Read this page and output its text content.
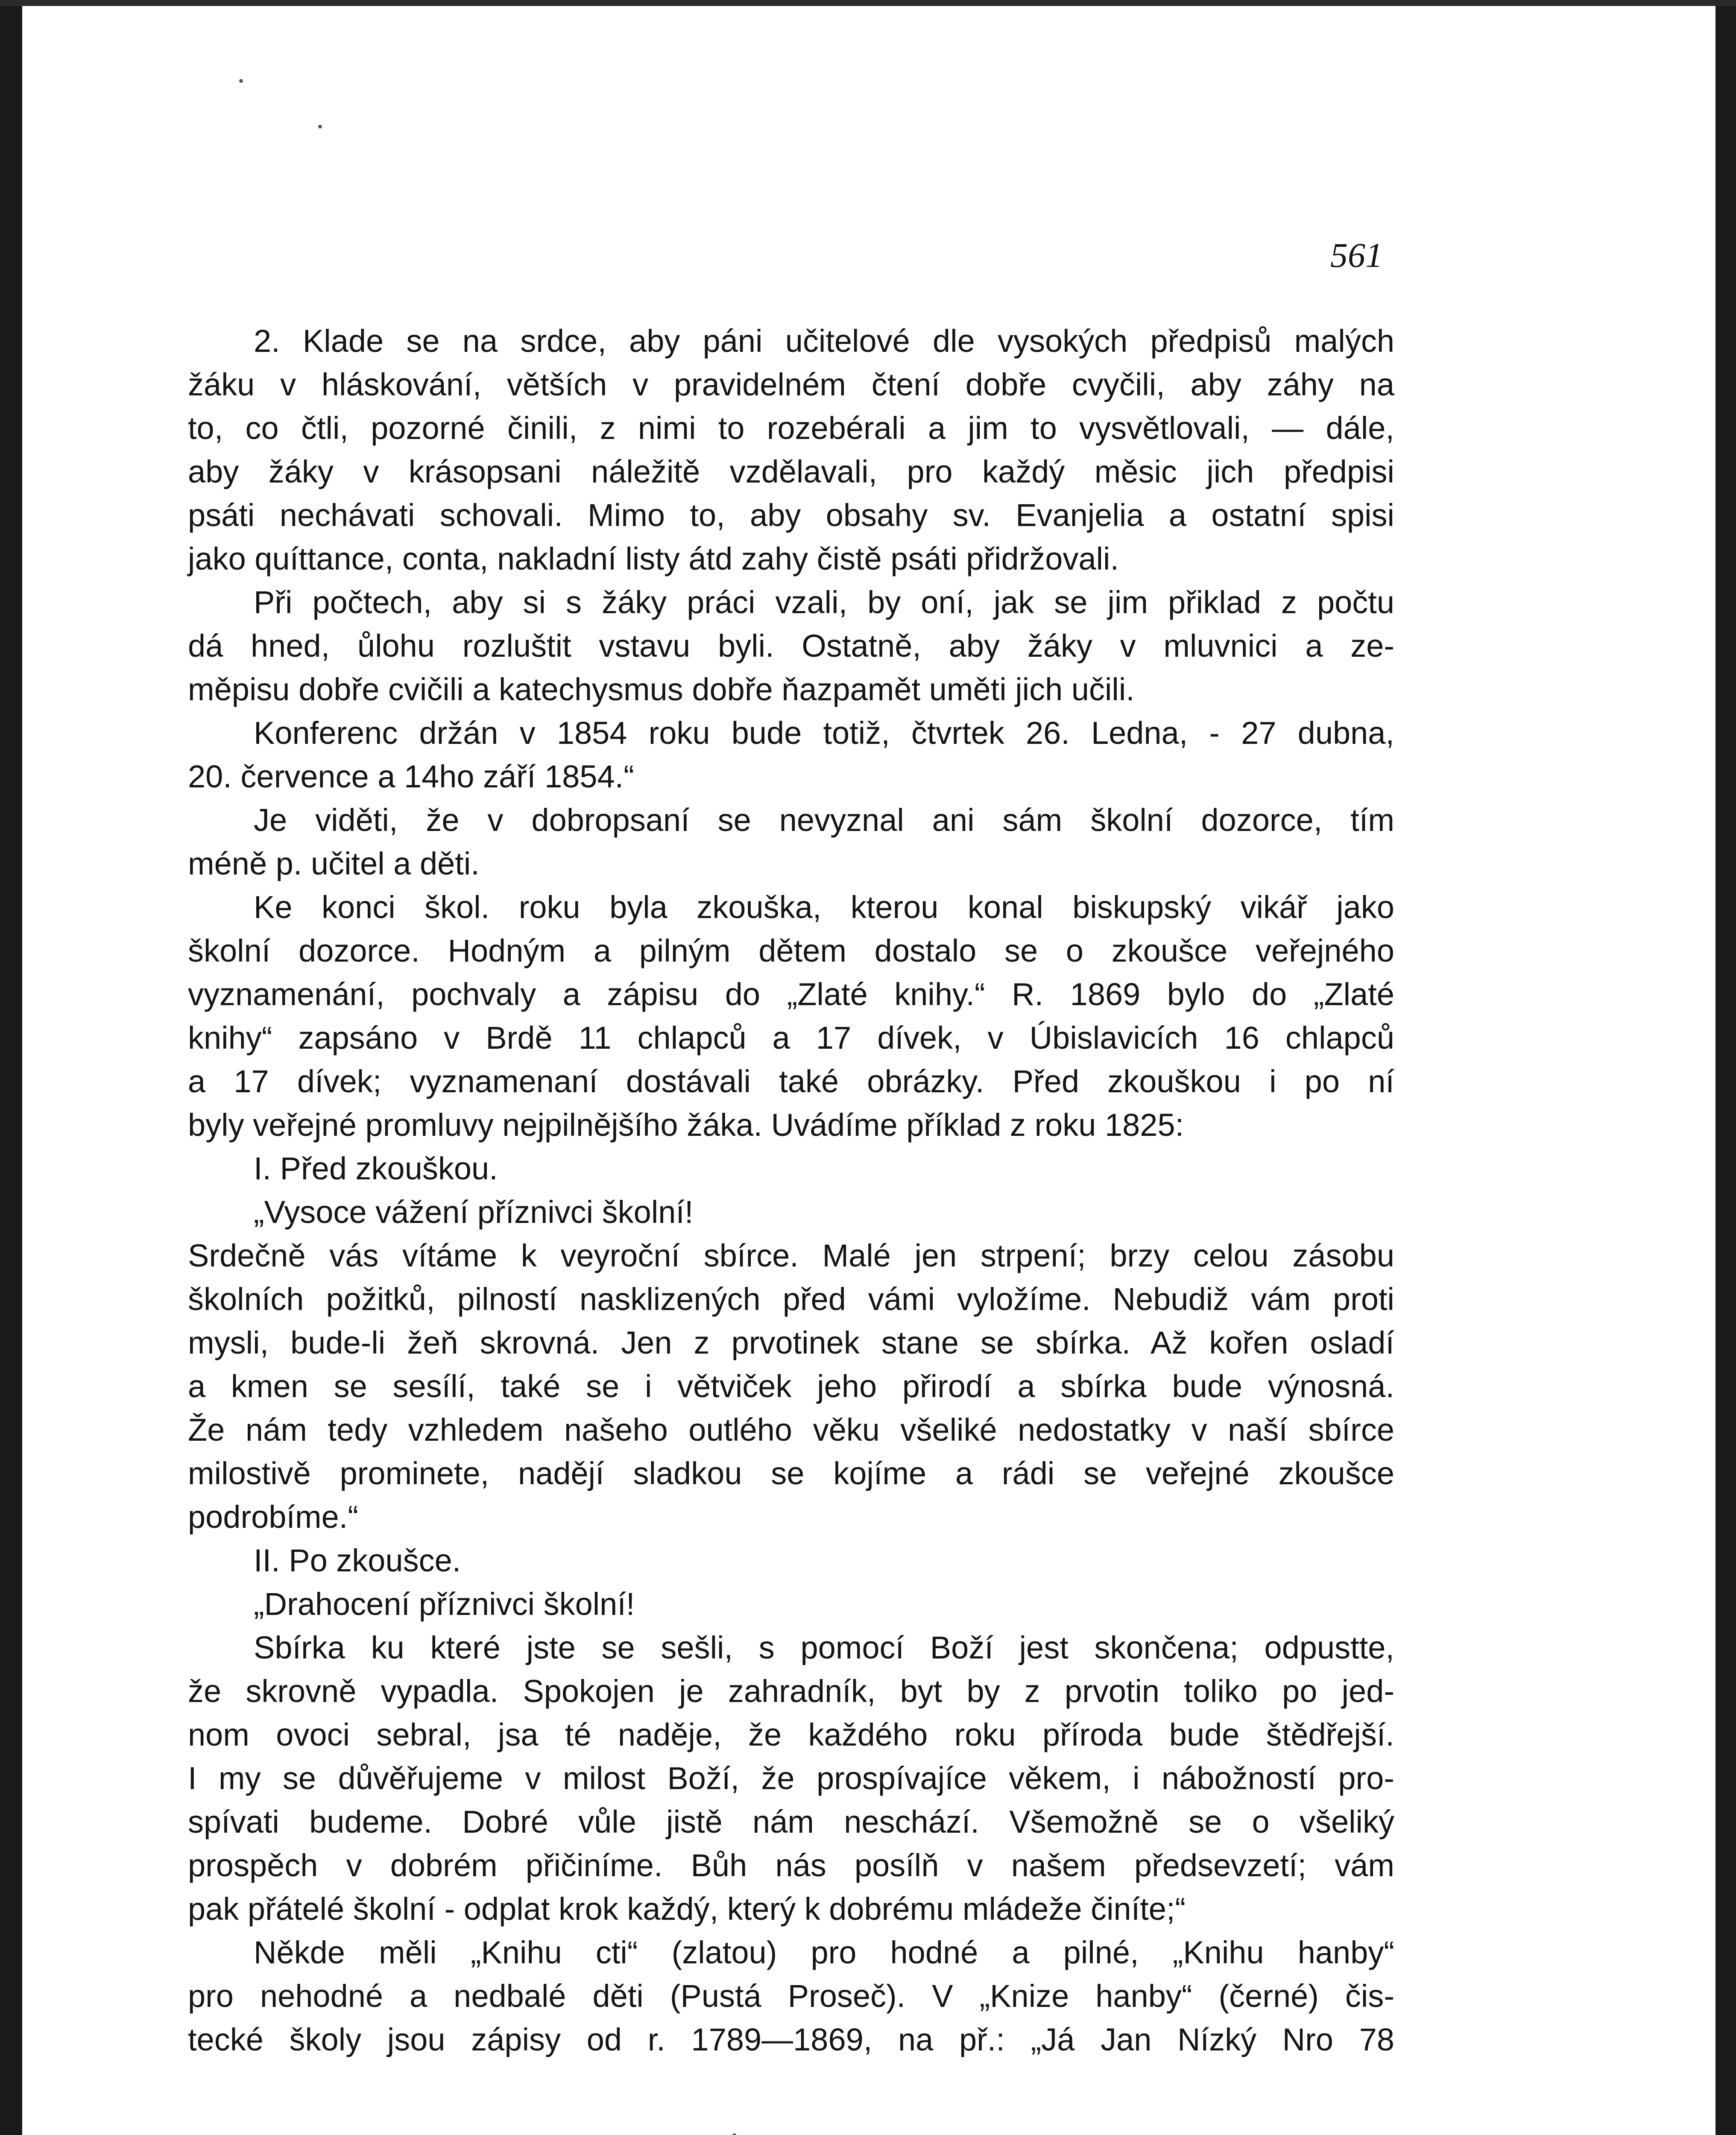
561
2. Klade se na srdce, aby páni učitelové dle vysokých předpisů malých
žáku v hláskování, větších v pravidelném čtení dobře cvyčili, aby záhy na
to, co čtli, pozorné činili, z nimi to rozebérali a jim to vysvětlovali, — dále,
aby žáky v krásopsani náležitě vzdělavali, pro každý měsic jich předpisi
psáti nechávati schovali. Mimo to, aby obsahy sv. Evanjelia a ostatní spisi
jako quíttance, conta, nakladní listy átd zahy čistě psáti přidržovali.
Při počtech, aby si s žáky práci vzali, by oní, jak se jim přiklad z počtu
dá hned, ůlohu rozluštit vstavu byli. Ostatně, aby žáky v mluvnici a ze-
měpisu dobře cvičili a katechysmus dobře ňazpamět uměti jich učili.
Konferenc držán v 1854 roku bude totiž, čtvrtek 26. Ledna, - 27 dubna,
20. července a 14ho září 1854.“
Je viděti, že v dobropsaní se nevyznal ani sám školní dozorce, tím
méně p. učitel a děti.
Ke konci škol. roku byla zkouška, kterou konal biskupský vikář jako
školní dozorce. Hodným a pilným dětem dostalo se o zkoušce veřejného
vyznamenání, pochvaly a zápisu do „Zlaté knihy.“ R. 1869 bylo do „Zlaté
knihy“ zapsáno v Brdě 11 chlapců a 17 dívek, v Úbislavicích 16 chlapců
a 17 dívek; vyznamenaní dostávali také obrázky. Před zkouškou i po ní
byly veřejné promluvy nejpilnějšího žáka. Uvádíme příklad z roku 1825:
I. Před zkouškou.
„Vysoce vážení příznivci školní!
Srdečně vás vítáme k veyroční sbírce. Malé jen strpení; brzy celou zásobu
školních požitků, pilností nasklizených před vámi vyložíme. Nebudiž vám proti
mysli, bude-li žeň skrovná. Jen z prvotinek stane se sbírka. Až kořen osladí
a kmen se sesílí, také se i větviček jeho přirodí a sbírka bude výnosná.
Že nám tedy vzhledem našeho outlého věku všeliké nedostatky v naší sbírce
milostivě prominete, nadějí sladkou se kojíme a rádi se veřejné zkoušce
podrobíme.“
II. Po zkoušce.
„Drahocení příznivci školní!
Sbírka ku které jste se sešli, s pomocí Boží jest skončena; odpustte,
že skrovně vypadla. Spokojen je zahradník, byt by z prvotin toliko po jed-
nom ovoci sebral, jsa té naděje, že každého roku příroda bude štědřejší.
I my se důvěřujeme v milost Boží, že prospívajíce věkem, i nábožností pro-
spívati budeme. Dobré vůle jistě nám neschází. Všemožně se o všeliký
prospěch v dobrém přičiníme. Bůh nás posílň v našem předsevzetí; vám
pak přátelé školní - odplat krok každý, který k dobrému mládeže činíte;“
Někde měli „Knihu cti“ (zlatou) pro hodné a pilné, „Knihu hanby“
pro nehodné a nedbalé děti (Pustá Proseč). V „Knize hanby“ (černé) čis-
tecké školy jsou zápisy od r. 1789—1869, na př.: „Já Jan Nízký Nro 78
